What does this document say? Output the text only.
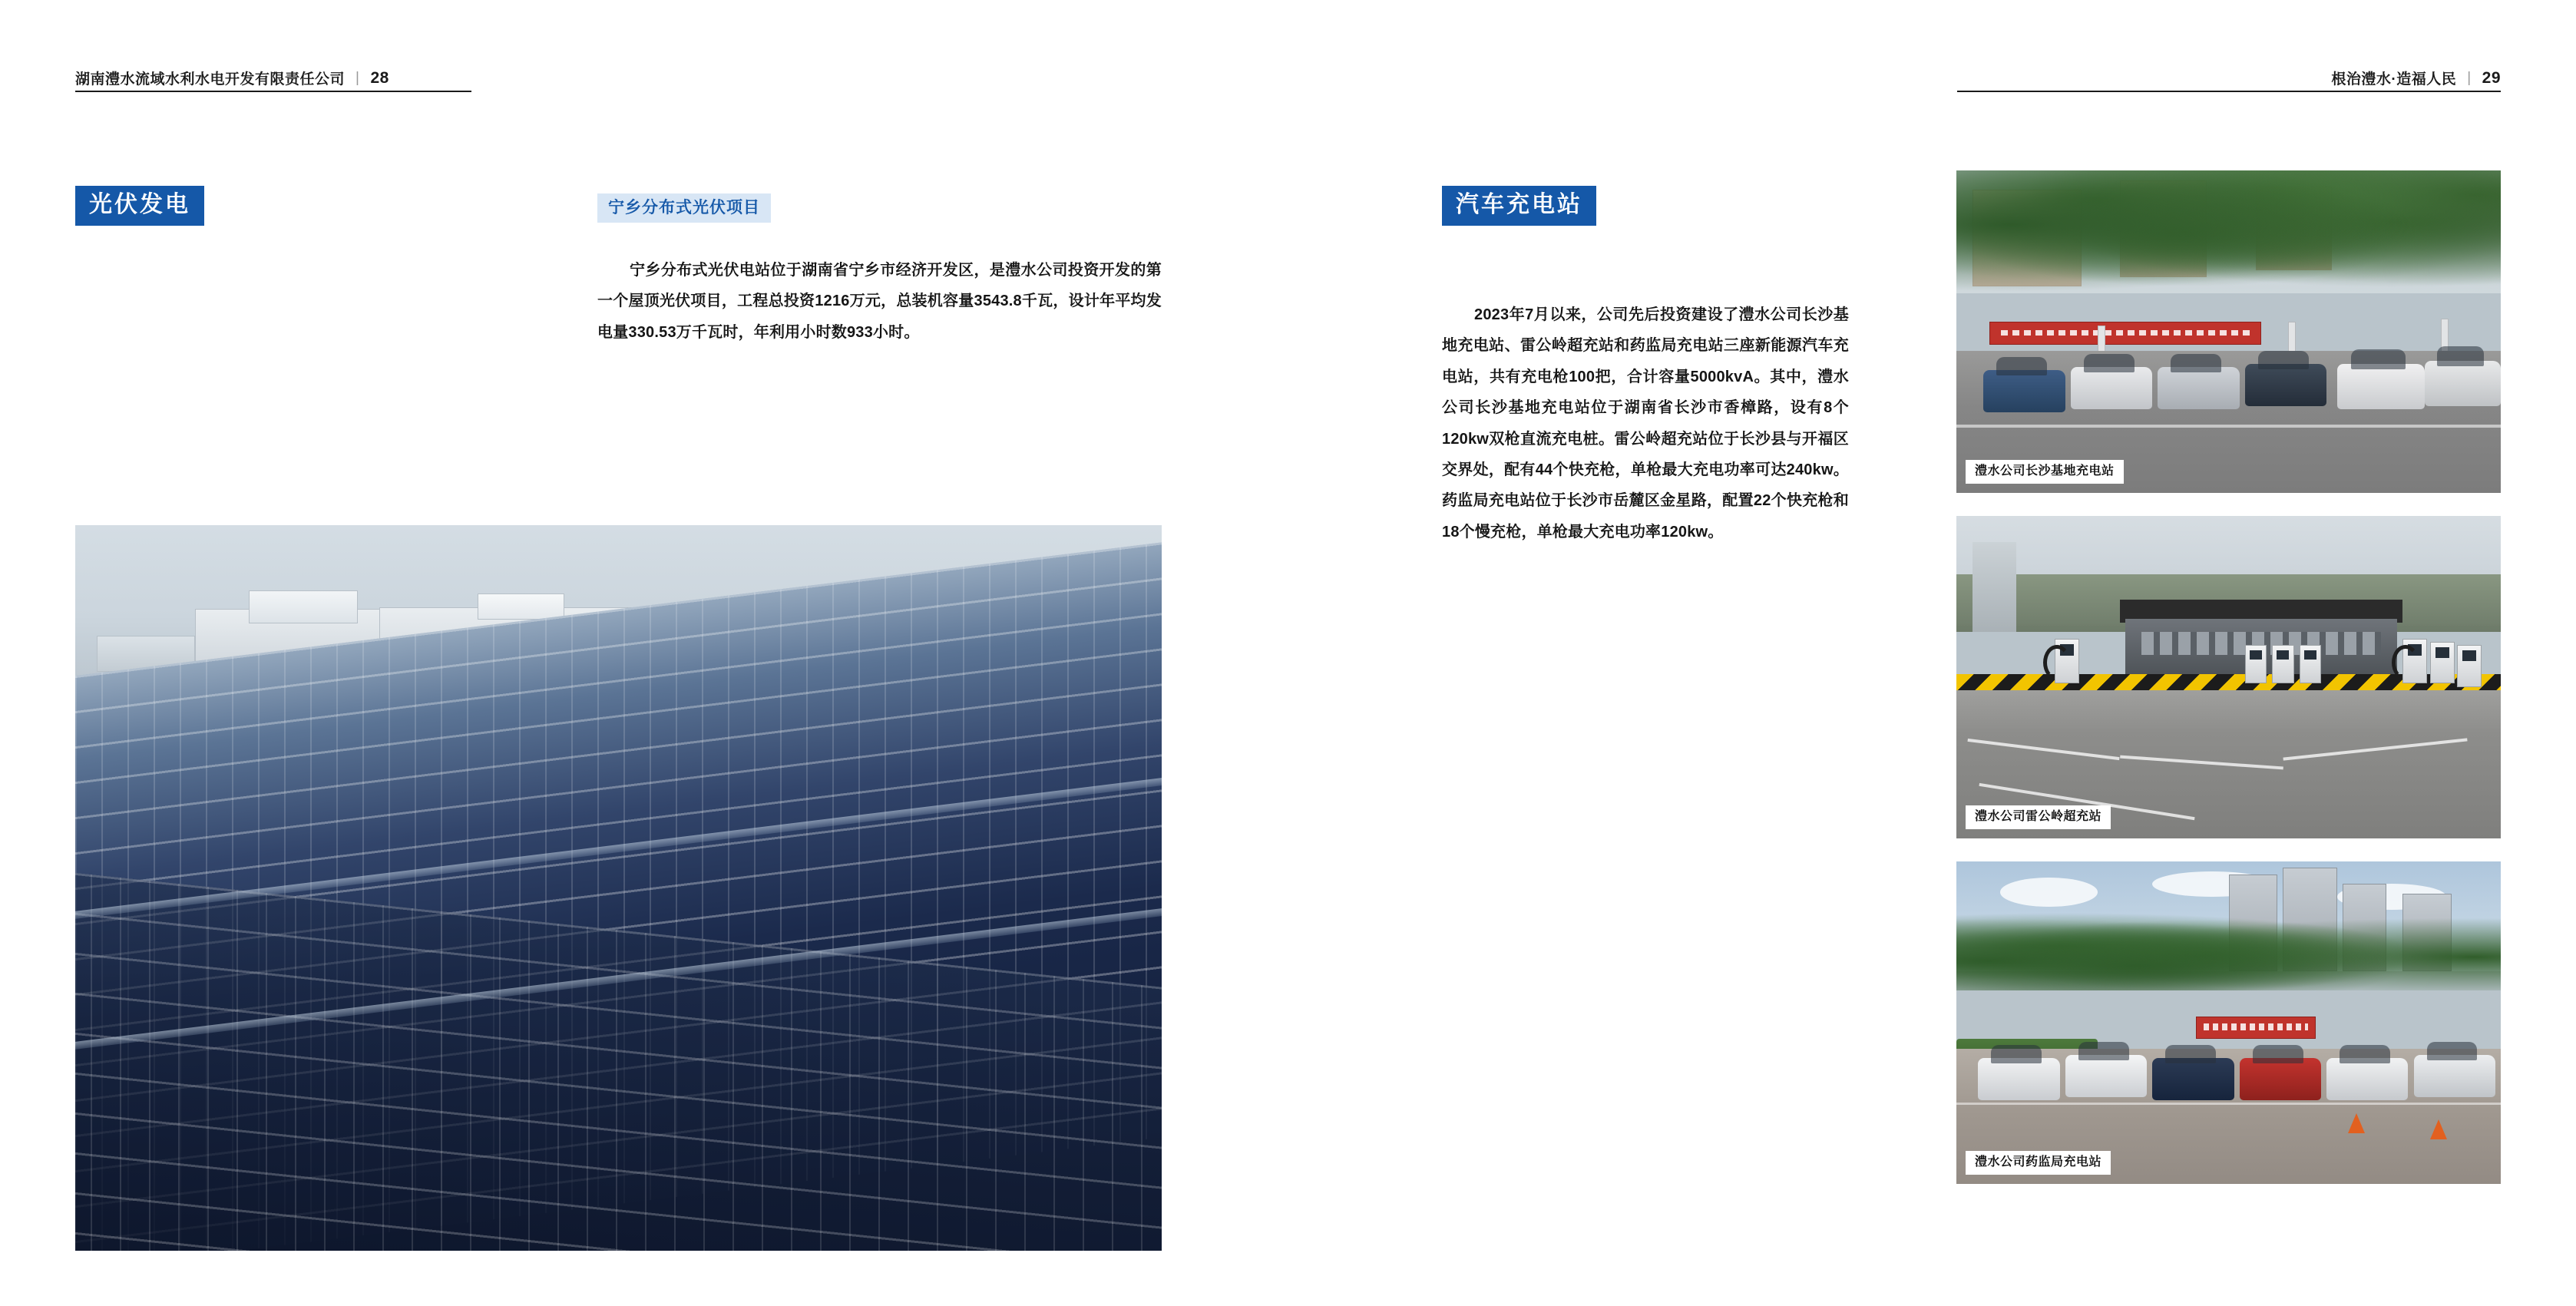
湖南澧水流域水利水电开发有限责任公司 | 28
光伏发电	宁乡分布式光伏项目

宁乡分布式光伏电站位于湖南省宁乡市经济开发区，是澧水公司投资开发的第一个屋顶光伏项目，工程总投资1216万元，总装机容量3543.8千瓦，设计年平均发电量330.53万千瓦时，年利用小时数933小时。

根治澧水·造福人民 | 29
汽车充电站

2023年7月以来，公司先后投资建设了澧水公司长沙基地充电站、雷公岭超充站和药监局充电站三座新能源汽车充电站，共有充电枪100把，合计容量5000kvA。其中，澧水公司长沙基地充电站位于湖南省长沙市香樟路，设有8个120kw双枪直流充电桩。雷公岭超充站位于长沙县与开福区交界处，配有44个快充枪，单枪最大充电功率可达240kw。药监局充电站位于长沙市岳麓区金星路，配置22个快充枪和18个慢充枪，单枪最大充电功率120kw。

澧水公司长沙基地充电站
澧水公司雷公岭超充站
澧水公司药监局充电站
